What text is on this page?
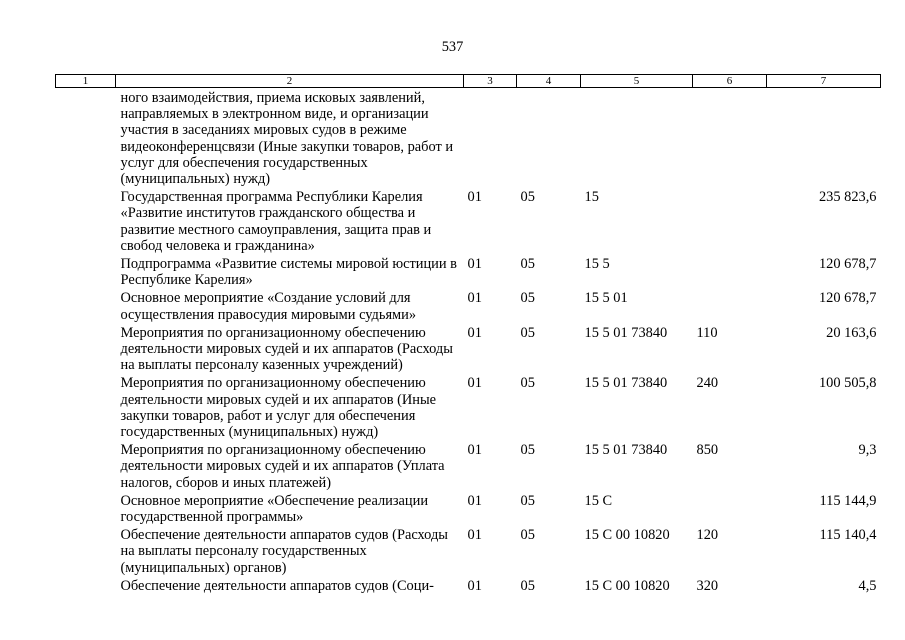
537
1	2	3	4	5	6	7
	ного взаимодействия, приема исковых заявлений, направляемых в электронном виде, и организации участия в заседаниях мировых судов в режиме видеоконференцсвязи (Иные закупки товаров, работ и услуг для обеспечения государственных (муниципальных) нужд)					
	Государственная программа Республики Карелия «Развитие институтов гражданского общества и развитие местного самоуправления, защита прав и свобод человека и гражданина»	01	05	15		235 823,6
	Подпрограмма «Развитие системы мировой юстиции в Республике Карелия»	01	05	15 5		120 678,7
	Основное мероприятие «Создание условий для осуществления правосудия мировыми судьями»	01	05	15 5 01		120 678,7
	Мероприятия по организационному обеспечению деятельности мировых судей и их аппаратов (Расходы на выплаты персоналу казенных учреждений)	01	05	15 5 01 73840	110	20 163,6
	Мероприятия по организационному обеспечению деятельности мировых судей и их аппаратов (Иные закупки товаров, работ и услуг для обеспечения государственных (муниципальных) нужд)	01	05	15 5 01 73840	240	100 505,8
	Мероприятия по организационному обеспечению деятельности мировых судей и их аппаратов (Уплата налогов, сборов и иных платежей)	01	05	15 5 01 73840	850	9,3
	Основное мероприятие «Обеспечение реализации государственной программы»	01	05	15 С		115 144,9
	Обеспечение деятельности аппаратов судов (Расходы на выплаты персоналу государственных (муниципальных) органов)	01	05	15 С 00 10820	120	115 140,4
	Обеспечение деятельности аппаратов судов (Соци-	01	05	15 С 00 10820	320	4,5
